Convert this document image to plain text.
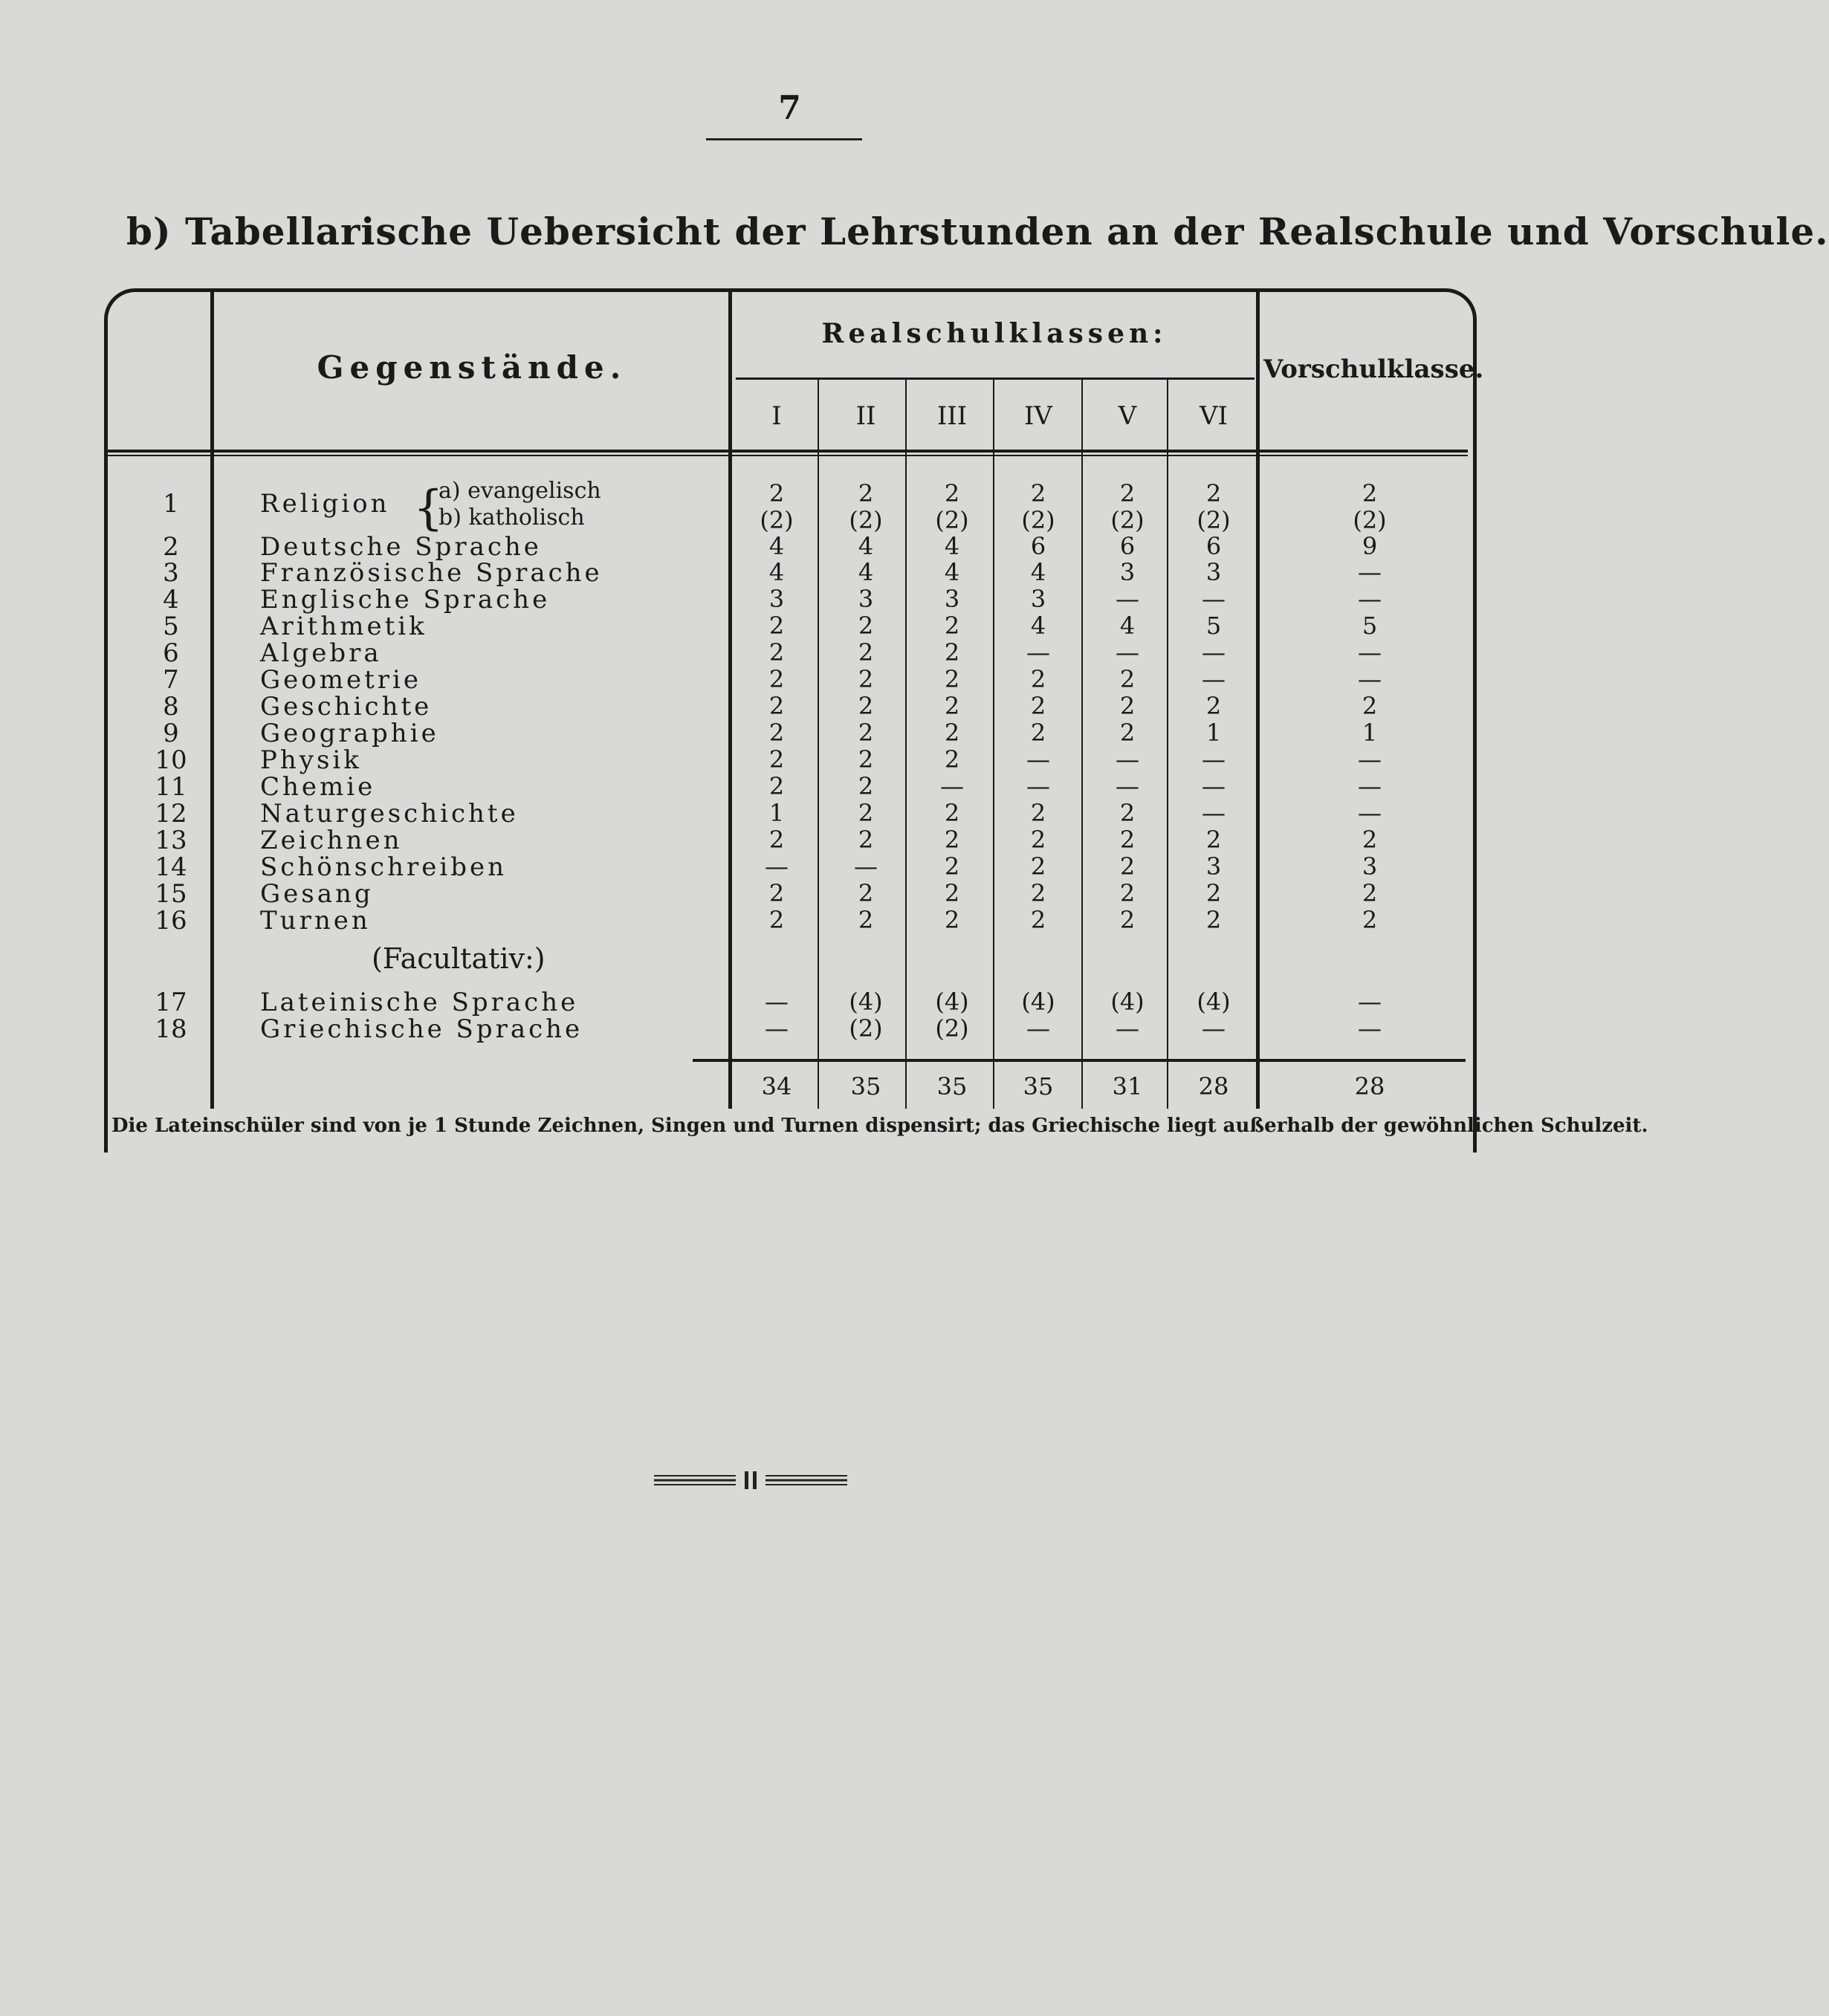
7
b) Tabellarische Uebersicht der Lehrstunden an der Realschule und Vorschule.
Gegenstände.
Realschulklassen:
Vorschulklasse.
I	II	III	IV	V	VI
Religion {
a) evangelisch
b) katholisch
1	2	2	2	2	2	2	2
(2)	(2)	(2)	(2)	(2)	(2)	(2)
2	Deutsche Sprache	4	4	4	6	6	6	9
3	Französische Sprache	4	4	4	4	3	3	—
4	Englische Sprache	3	3	3	3	—	—	—
5	Arithmetik	2	2	2	4	4	5	5
6	Algebra	2	2	2	—	—	—	—
7	Geometrie	2	2	2	2	2	—	—
8	Geschichte	2	2	2	2	2	2	2
9	Geographie	2	2	2	2	2	1	1
10	Physik	2	2	2	—	—	—	—
11	Chemie	2	2	—	—	—	—	—
12	Naturgeschichte	1	2	2	2	2	—	—
13	Zeichnen	2	2	2	2	2	2	2
14	Schönschreiben	—	—	2	2	2	3	3
15	Gesang	2	2	2	2	2	2	2
16	Turnen	2	2	2	2	2	2	2
17	Lateinische Sprache	—	(4)	(4)	(4)	(4)	(4)	—
18	Griechische Sprache	—	(2)	(2)	—	—	—	—
(Facultativ:)
34	35	35	35	31	28	28
Die Lateinschüler sind von je 1 Stunde Zeichnen, Singen und Turnen dispensirt; das Griechische liegt außerhalb der gewöhnlichen Schulzeit.
